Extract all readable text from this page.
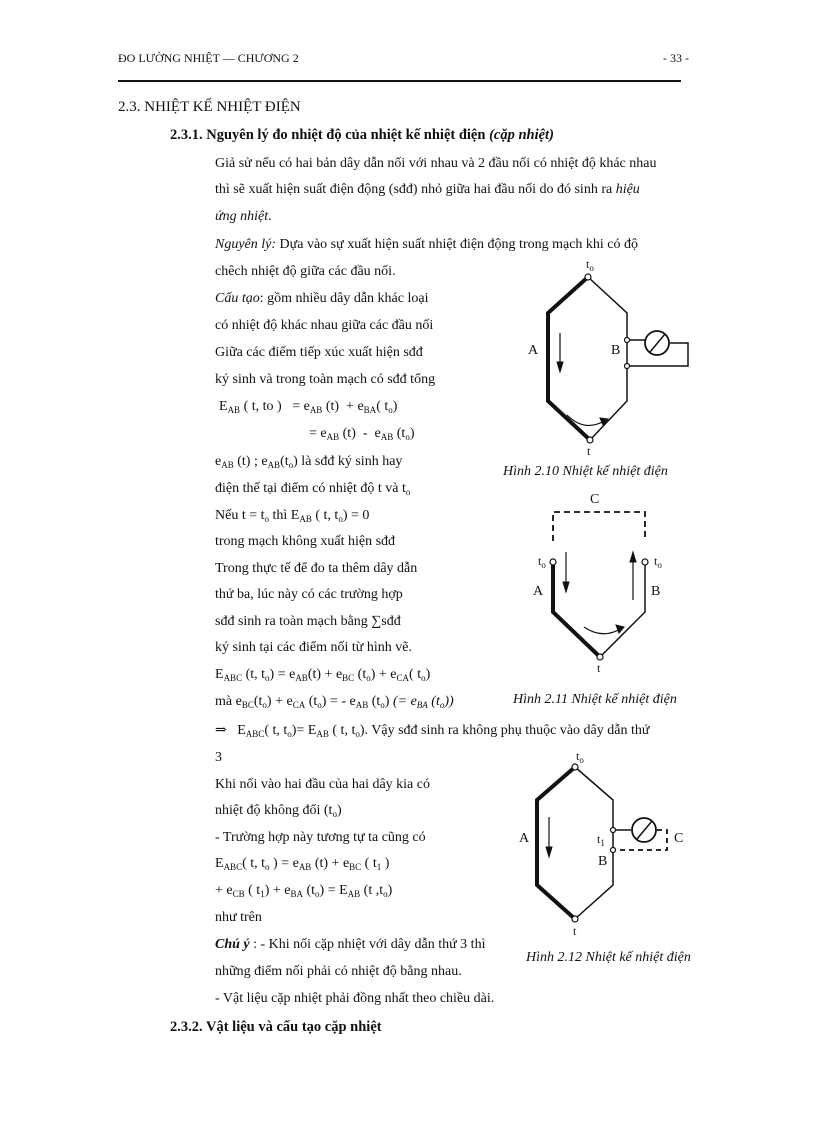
ĐO LƯỜNG NHIỆT — CHƯƠNG 2	- 33 -
2.3. NHIỆT KẾ NHIỆT ĐIỆN
2.3.1. Nguyên lý đo nhiệt độ của nhiệt kế nhiệt điện (cặp nhiệt)
Giả sử nếu có hai bản dây dẫn nối với nhau và 2 đầu nối có nhiệt độ khác nhau
thì sẽ xuất hiện suất điện động (sđđ) nhỏ giữa hai đầu nối do đó sinh ra hiệu
ứng nhiệt.
Nguyên lý: Dựa vào sự xuất hiện suất nhiệt điện động trong mạch khi có độ
chêch nhiệt độ giữa các đầu nối.
Cấu tạo: gồm nhiều dây dẫn khác loại
có nhiệt độ khác nhau giữa các đầu nối
Giữa các điểm tiếp xúc xuất hiện sđđ
ký sinh và trong toàn mạch có sđđ tổng
$E_{AB}$ ( t, to ) = $e_{AB}$ $(t) + e_{BA}$( $t_o$)
= $e_{AB}$ $(t) - e_{AB}$ $(t_o)$
$e_{AB}$ (t) ; $e_{AB}(t_o)$ là sđđ ký sinh hay
điện thế tại điểm có nhiệt độ t và $t_o$
Nếu $t = t_o$ thì $E_{AB}$ ( t, $t_o) = 0$
trong mạch không xuất hiện sđđ
Trong thực tế để đo ta thêm dây dẫn
thứ ba, lúc này có các trường hợp
sđđ sinh ra toàn mạch bằng ∑sđđ
ký sinh tại các điểm nối từ hình vẽ.
$E_{ABC}$ (t, $t_o) = e_{AB}(t) + e_{BC}$ $(t_o) + e_{CA}$( $t_o$)
mà $e_{BC}(t_o) + e_{CA}$ $(t_o)$ = - $e_{AB}$ $(t_o)$ (= $e_{BA}$ $(t_o)$)
⇒ $E_{ABC}$( t, $t_o)= E_{AB}$ ( t, $t_o$). Vậy sđđ sinh ra không phụ thuộc vào dây dẫn thứ
3
Khi nối vào hai đầu của hai dây kia có
nhiệt độ không đổi $(t_o)$
- Trường hợp này tương tự ta cũng có
$E_{ABC}$( t, $t_o$ ) = $e_{AB}$ $(t) + e_{BC}$ ( $t_1$ )
+ $e_{CB}$ ( $t_1) + e_{BA}$ $(t_o) = E_{AB}$ (t $,t_o$)
như trên
Chú ý : - Khi nối cặp nhiệt với dây dẫn thứ 3 thì
những điểm nối phải có nhiệt độ bằng nhau.
- Vật liệu cặp nhiệt phải đồng nhất theo chiều dài.
2.3.2. Vật liệu và cấu tạo cặp nhiệt
$t_o$
A	B
t
Hình 2.10 Nhiệt kế nhiệt điện
C
$t_o$	$t_o$
A	B
t
Hình 2.11 Nhiệt kế nhiệt điện
$t_o$
A	$t_1$	C
B
t
Hình 2.12 Nhiệt kế nhiệt điện
